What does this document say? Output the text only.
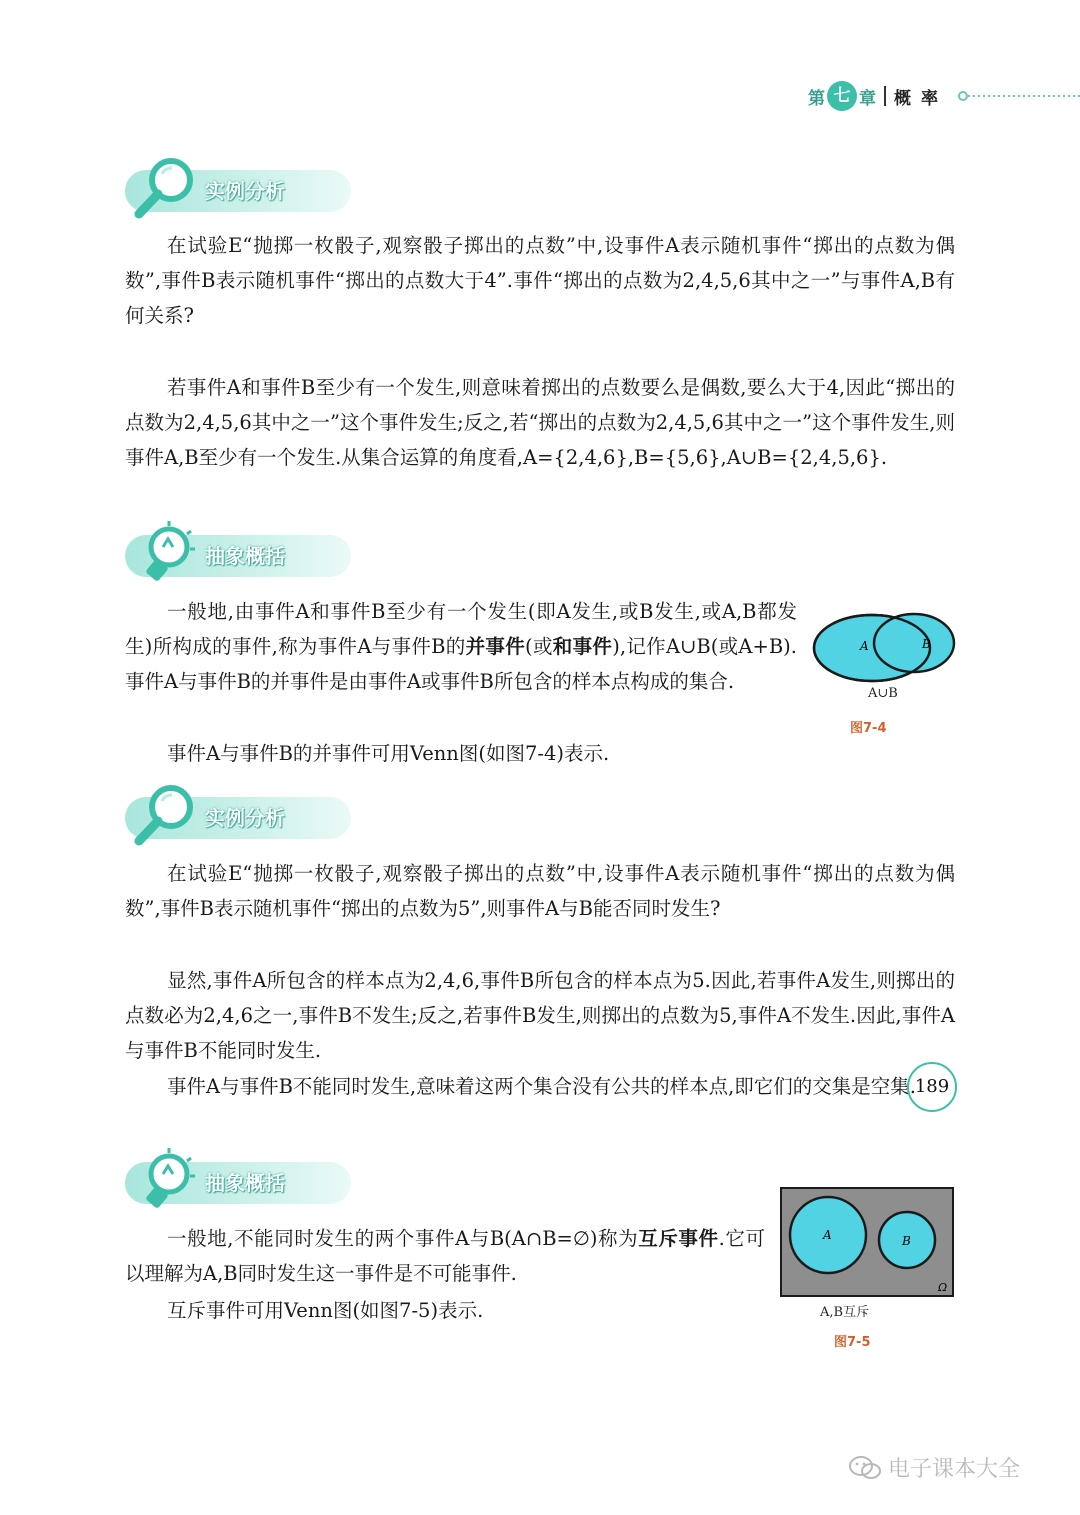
第 七 章 概率
实例分析

在试验E“抛掷一枚骰子,观察骰子掷出的点数”中,设事件A表示随机事件“掷出的点数为偶数”,事件B表示随机事件“掷出的点数大于4”.事件“掷出的点数为2,4,5,6其中之一”与事件A,B有何关系?

若事件A和事件B至少有一个发生,则意味着掷出的点数要么是偶数,要么大于4,因此“掷出的点数为2,4,5,6其中之一”这个事件发生;反之,若“掷出的点数为2,4,5,6其中之一”这个事件发生,则事件A,B至少有一个发生.从集合运算的角度看,A={2,4,6},B={5,6},A∪B={2,4,5,6}.

抽象概括

一般地,由事件A和事件B至少有一个发生(即A发生,或B发生,或A,B都发生)所构成的事件,称为事件A与事件B的并事件(或和事件),记作A∪B(或A+B).事件A与事件B的并事件是由事件A或事件B所包含的样本点构成的集合.

事件A与事件B的并事件可用Venn图(如图7-4)表示.

A	B
A∪B
图7-4
实例分析

在试验E“抛掷一枚骰子,观察骰子掷出的点数”中,设事件A表示随机事件“掷出的点数为偶数”,事件B表示随机事件“掷出的点数为5”,则事件A与B能否同时发生?

显然,事件A所包含的样本点为2,4,6,事件B所包含的样本点为5.因此,若事件A发生,则掷出的点数必为2,4,6之一,事件B不发生;反之,若事件B发生,则掷出的点数为5,事件A不发生.因此,事件A与事件B不能同时发生.

事件A与事件B不能同时发生,意味着这两个集合没有公共的样本点,即它们的交集是空集.

抽象概括

一般地,不能同时发生的两个事件A与B(A∩B=∅)称为互斥事件.它可以理解为A,B同时发生这一事件是不可能事件.

互斥事件可用Venn图(如图7-5)表示.

A	B
Ω
A,B互斥
图7-5
189
电子课本大全
